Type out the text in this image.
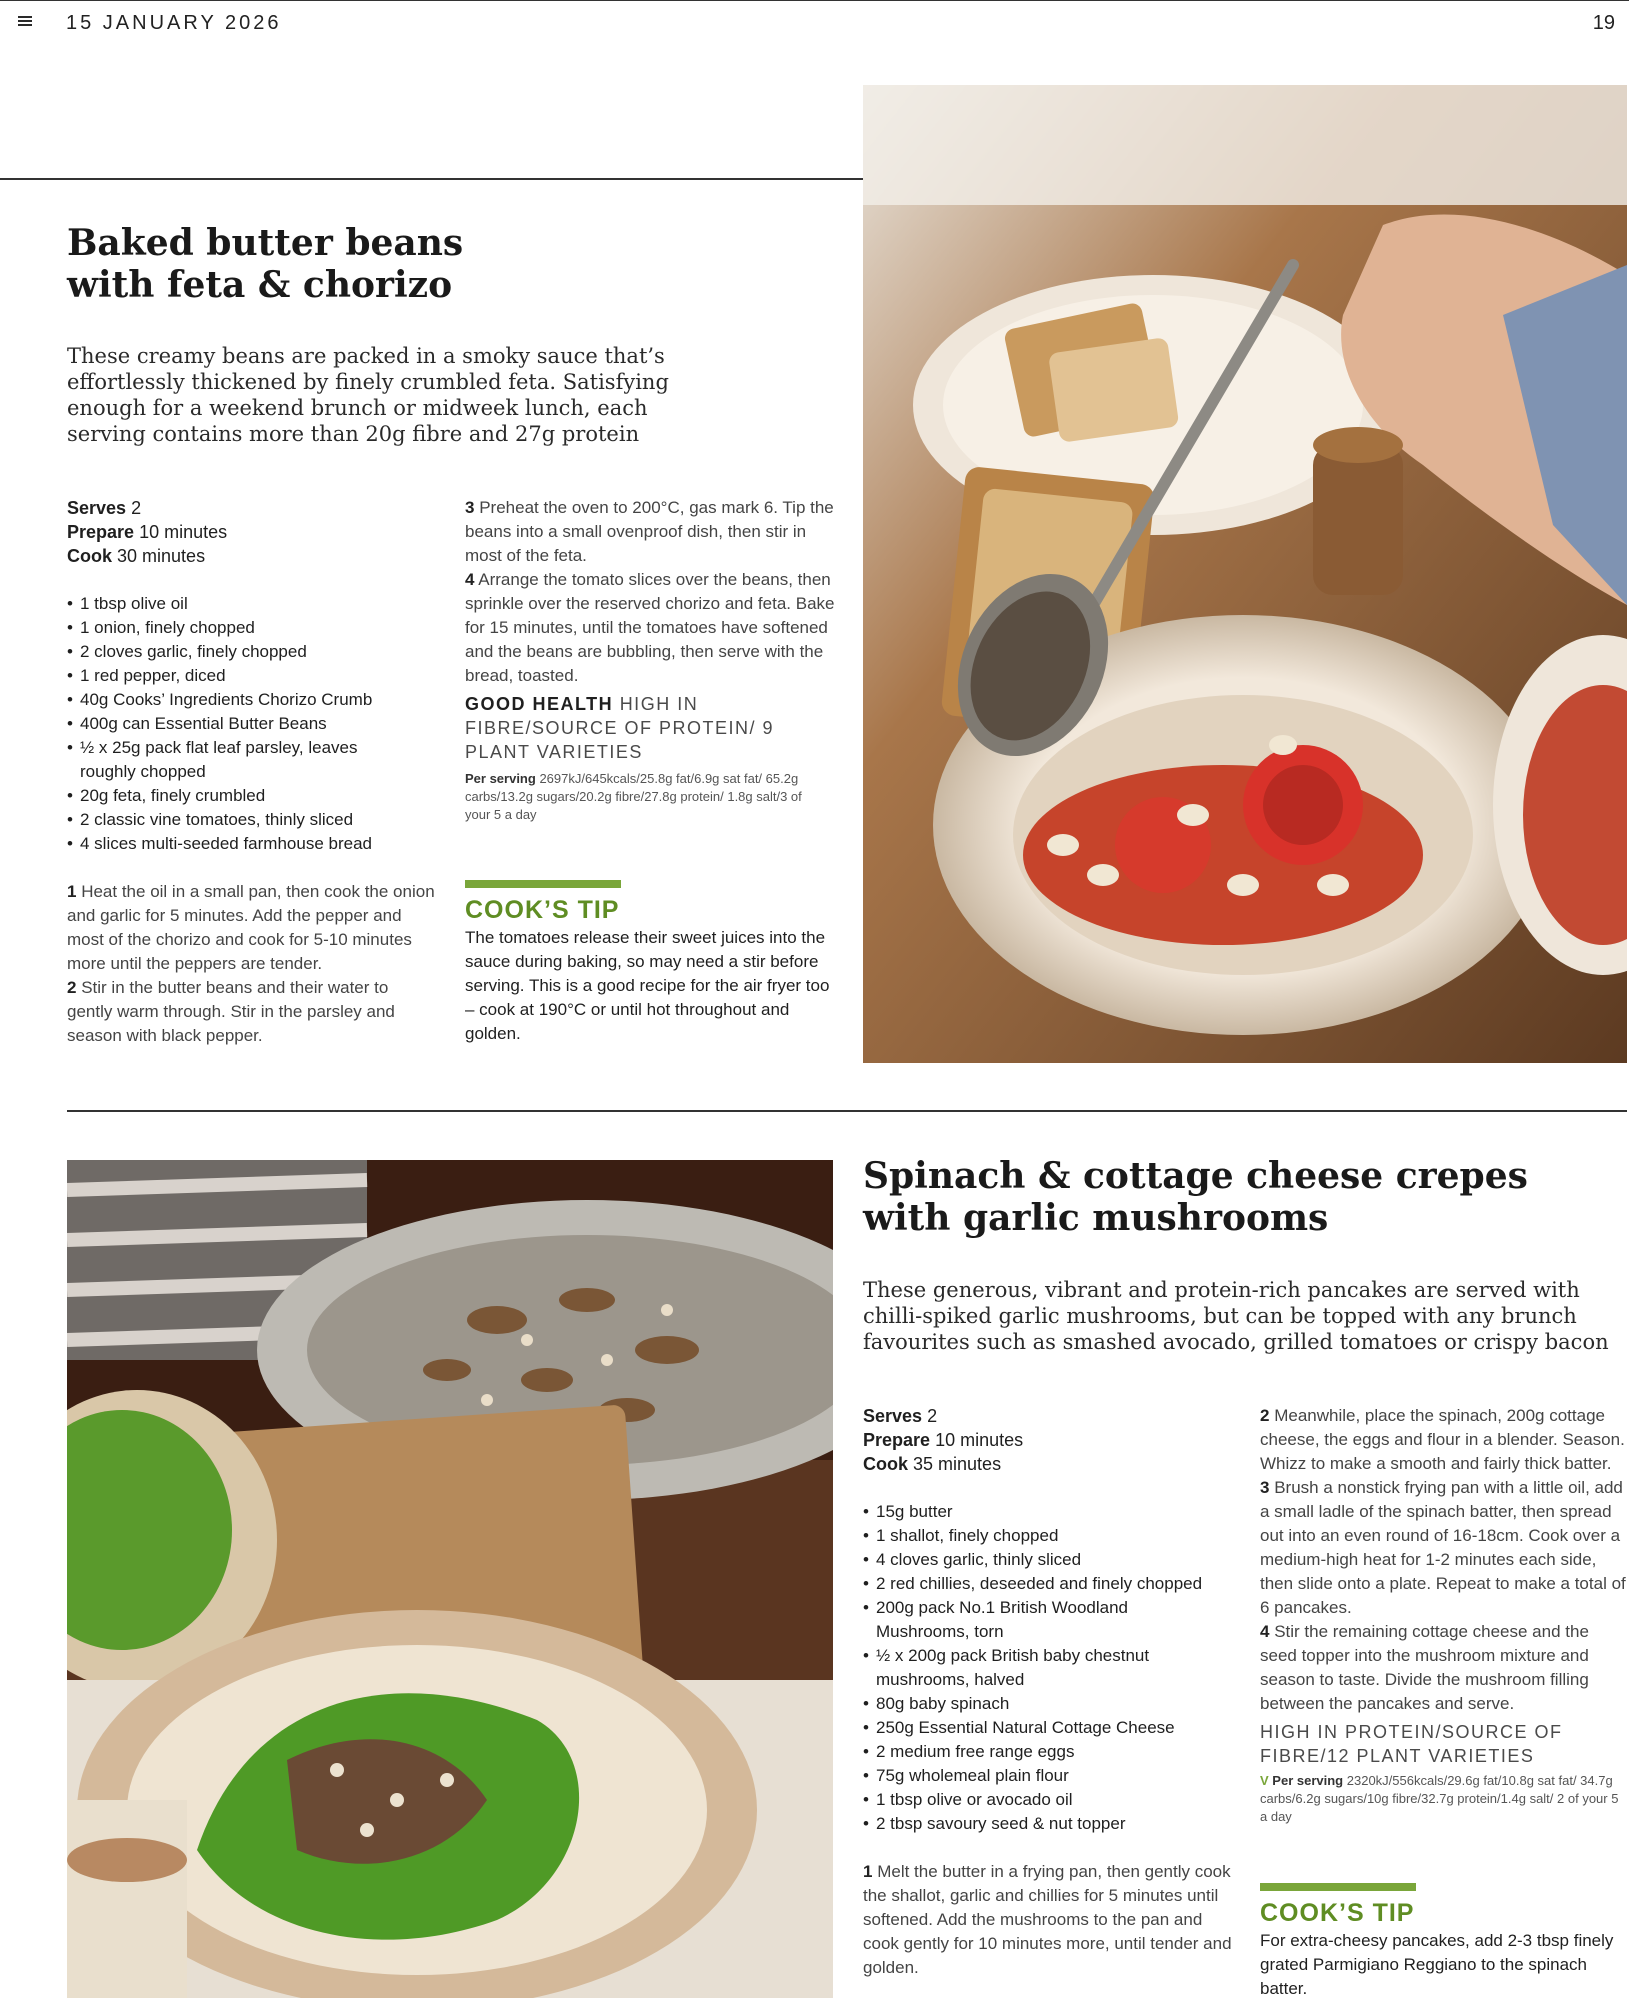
15 JANUARY 2026	19
Baked butter beans
with feta & chorizo
These creamy beans are packed in a smoky sauce that’s effortlessly thickened by finely crumbled feta. Satisfying enough for a weekend brunch or midweek lunch, each serving contains more than 20g fibre and 27g protein
Serves 2
Prepare 10 minutes
Cook 30 minutes
• 1 tbsp olive oil
• 1 onion, finely chopped
• 2 cloves garlic, finely chopped
• 1 red pepper, diced
• 40g Cooks’ Ingredients Chorizo Crumb
• 400g can Essential Butter Beans
• ½ x 25g pack flat leaf parsley, leaves roughly chopped
• 20g feta, finely crumbled
• 2 classic vine tomatoes, thinly sliced
• 4 slices multi-seeded farmhouse bread

1 Heat the oil in a small pan, then cook the onion and garlic for 5 minutes. Add the pepper and most of the chorizo and cook for 5-10 minutes more until the peppers are tender.

2 Stir in the butter beans and their water to gently warm through. Stir in the parsley and season with black pepper.

3 Preheat the oven to 200°C, gas mark 6. Tip the beans into a small ovenproof dish, then stir in most of the feta.

4 Arrange the tomato slices over the beans, then sprinkle over the reserved chorizo and feta. Bake for 15 minutes, until the tomatoes have softened and the beans are bubbling, then serve with the bread, toasted.

GOOD HEALTH HIGH IN FIBRE/SOURCE OF PROTEIN/ 9 PLANT VARIETIES
Per serving 2697kJ/645kcals/25.8g fat/6.9g sat fat/ 65.2g carbs/13.2g sugars/20.2g fibre/27.8g protein/ 1.8g salt/3 of your 5 a day
COOK’S TIP
The tomatoes release their sweet juices into the sauce during baking, so may need a stir before serving. This is a good recipe for the air fryer too – cook at 190°C or until hot throughout and golden.
Spinach & cottage cheese crepes
with garlic mushrooms
These generous, vibrant and protein-rich pancakes are served with chilli-spiked garlic mushrooms, but can be topped with any brunch favourites such as smashed avocado, grilled tomatoes or crispy bacon
Serves 2
Prepare 10 minutes
Cook 35 minutes
• 15g butter
• 1 shallot, finely chopped
• 4 cloves garlic, thinly sliced
• 2 red chillies, deseeded and finely chopped
• 200g pack No.1 British Woodland Mushrooms, torn
• ½ x 200g pack British baby chestnut mushrooms, halved
• 80g baby spinach
• 250g Essential Natural Cottage Cheese
• 2 medium free range eggs
• 75g wholemeal plain flour
• 1 tbsp olive or avocado oil
• 2 tbsp savoury seed & nut topper

1 Melt the butter in a frying pan, then gently cook the shallot, garlic and chillies for 5 minutes until softened. Add the mushrooms to the pan and cook gently for 10 minutes more, until tender and golden.

2 Meanwhile, place the spinach, 200g cottage cheese, the eggs and flour in a blender. Season. Whizz to make a smooth and fairly thick batter.

3 Brush a nonstick frying pan with a little oil, add a small ladle of the spinach batter, then spread out into an even round of 16-18cm. Cook over a medium-high heat for 1-2 minutes each side, then slide onto a plate. Repeat to make a total of 6 pancakes.

4 Stir the remaining cottage cheese and the seed topper into the mushroom mixture and season to taste. Divide the mushroom filling between the pancakes and serve.

HIGH IN PROTEIN/SOURCE OF FIBRE/12 PLANT VARIETIES
V Per serving 2320kJ/556kcals/29.6g fat/10.8g sat fat/ 34.7g carbs/6.2g sugars/10g fibre/32.7g protein/1.4g salt/ 2 of your 5 a day
COOK’S TIP
For extra-cheesy pancakes, add 2-3 tbsp finely grated Parmigiano Reggiano to the spinach batter.
